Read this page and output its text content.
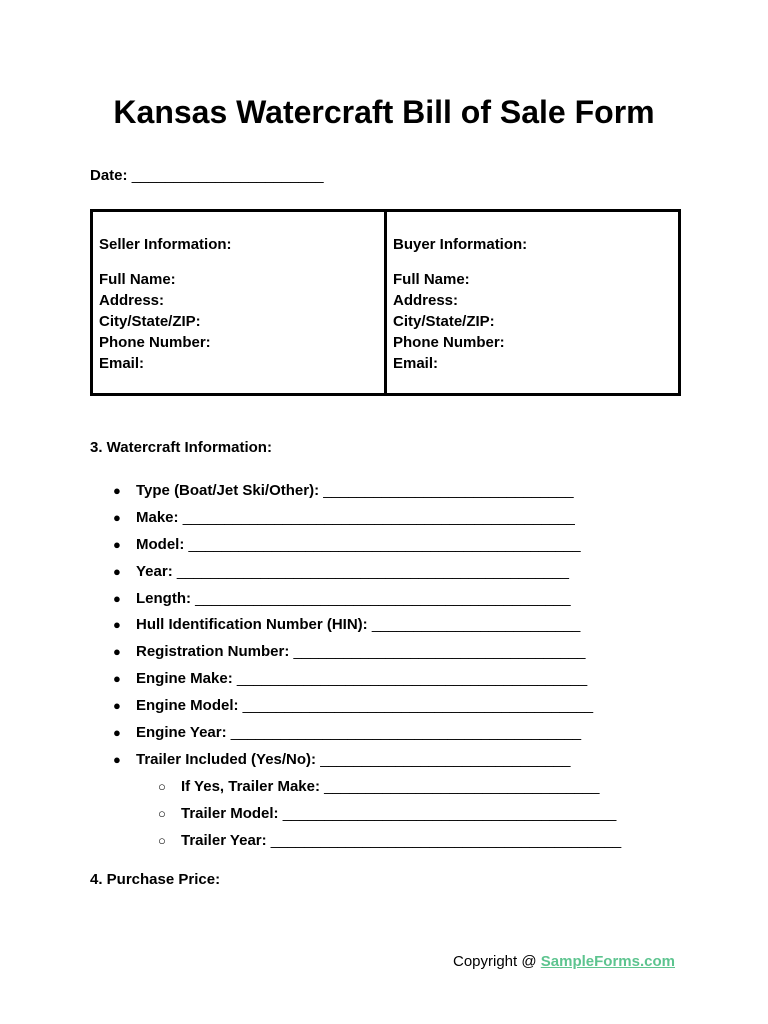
Kansas Watercraft Bill of Sale Form
Date: _______________________
Seller Information:
Full Name:
Address:
City/State/ZIP:
Phone Number:
Email:
Buyer Information:
Full Name:
Address:
City/State/ZIP:
Phone Number:
Email:
3. Watercraft Information:
● Type (Boat/Jet Ski/Other): ______________________________
● Make: _______________________________________________
● Model: _______________________________________________
● Year: _______________________________________________
● Length: _____________________________________________
● Hull Identification Number (HIN): _________________________
● Registration Number: ___________________________________
● Engine Make: __________________________________________
● Engine Model: __________________________________________
● Engine Year: __________________________________________
● Trailer Included (Yes/No): ______________________________
○ If Yes, Trailer Make: _________________________________
○ Trailer Model: ________________________________________
○ Trailer Year: __________________________________________
4. Purchase Price:
Copyright @ SampleForms.com
